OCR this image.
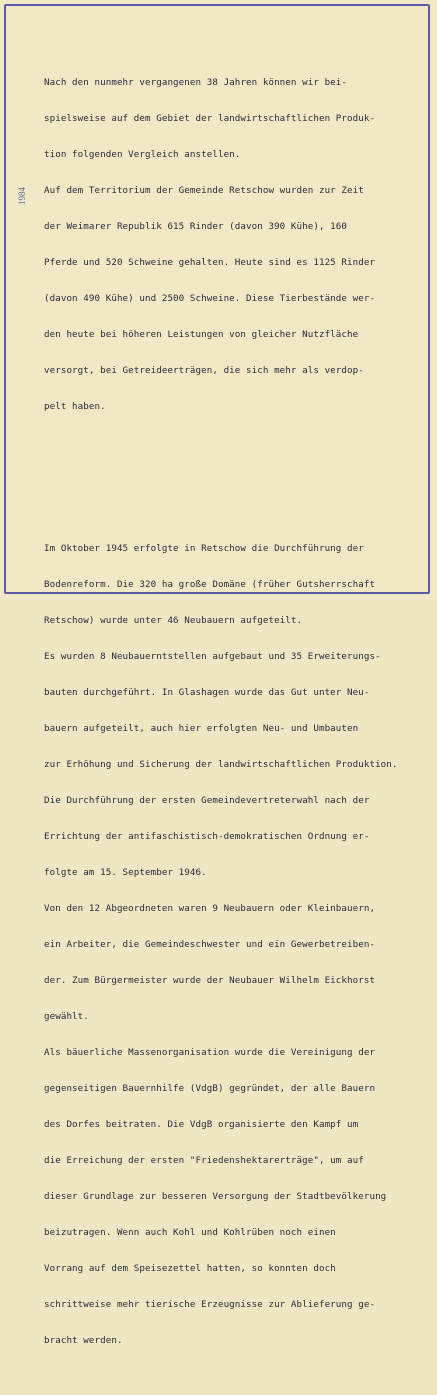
1984

Nach den nunmehr vergangenen 38 Jahren können wir bei-

spielsweise auf dem Gebiet der landwirtschaftlichen Produk-

tion folgenden Vergleich anstellen.

Auf dem Territorium der Gemeinde Retschow wurden zur Zeit

der Weimarer Republik 615 Rinder (davon 390 Kühe), 160

Pferde und 520 Schweine gehalten. Heute sind es 1125 Rinder

(davon 490 Kühe) und 2500 Schweine. Diese Tierbestände wer-

den heute bei höheren Leistungen von gleicher Nutzfläche

versorgt, bei Getreideerträgen, die sich mehr als verdop-

pelt haben.

Im Oktober 1945 erfolgte in Retschow die Durchführung der

Bodenreform. Die 320 ha große Domäne (früher Gutsherrschaft

Retschow) wurde unter 46 Neubauern aufgeteilt.

Es wurden 8 Neubauerntstellen aufgebaut und 35 Erweiterungs-

bauten durchgeführt. In Glashagen wurde das Gut unter Neu-

bauern aufgeteilt, auch hier erfolgten Neu- und Umbauten

zur Erhöhung und Sicherung der landwirtschaftlichen Produktion.

Die Durchführung der ersten Gemeindevertreterwahl nach der

Errichtung der antifaschistisch-demokratischen Ordnung er-

folgte am 15. September 1946.

Von den 12 Abgeordneten waren 9 Neubauern oder Kleinbauern,

ein Arbeiter, die Gemeindeschwester und ein Gewerbetreiben-

der. Zum Bürgermeister wurde der Neubauer Wilhelm Eickhorst

gewählt.

Als bäuerliche Massenorganisation wurde die Vereinigung der

gegenseitigen Bauernhilfe (VdgB) gegründet, der alle Bauern

des Dorfes beitraten. Die VdgB organisierte den Kampf um

die Erreichung der ersten "Friedenshektarerträge", um auf

dieser Grundlage zur besseren Versorgung der Stadtbevölkerung

beizutragen. Wenn auch Kohl und Kohlrüben noch einen

Vorrang auf dem Speisezettel hatten, so konnten doch

schrittweise mehr tierische Erzeugnisse zur Ablieferung ge-

bracht werden.
